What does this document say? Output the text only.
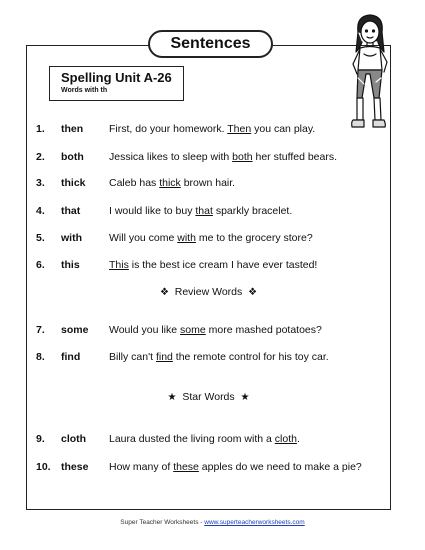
Sentences
Spelling Unit A-26
Words with th
1. then First, do your homework. Then you can play.
2. both Jessica likes to sleep with both her stuffed bears.
3. thick Caleb has thick brown hair.
4. that	I would like to buy that sparkly bracelet.
5. with	Will you come with me to the grocery store?
6. this	This is the best ice cream I have ever tasted!
❖ Review Words ❖
7. some Would you like some more mashed potatoes?
8. find	Billy can't find the remote control for his toy car.
★ Star Words ★
9. cloth Laura dusted the living room with a cloth.
10. these How many of these apples do we need to make a pie?
Super Teacher Worksheets - www.superteacherworksheets.com
